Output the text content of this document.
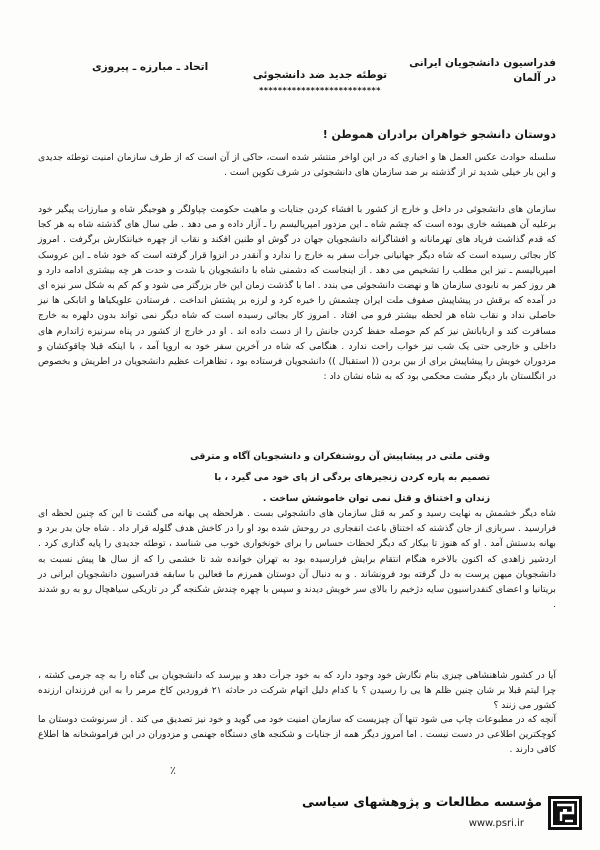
فدراسیون دانشجویان ایرانی
در آلمان
توطئه جدید ضد دانشجوئی
**************************
اتحاد ـ مبارزه ـ پیروزی
دوستان دانشجو خواهران برادران هموطن !

سلسله حوادث عکس العمل ها و اخباری که در این اواخر منتشر شده است، حاکی از آن است که از طرف سازمان امنیت توطئه جدیدی و این بار خیلی شدید تر از گذشته بر ضد سازمان های دانشجوئی در شرف تکوین است .

سازمان های دانشجوئی در داخل و خارج از کشور با افشاء کردن جنایات و ماهیت حکومت چپاولگر و هوجیگر شاه و مبارزات پیگیر خود برعلیه آن همیشه خاری بوده است که چشم شاه ـ این مزدور امپریالیسم را ـ آزار داده و می دهد . طی سال های گذشته شاه به هر کجا که قدم گذاشت فریاد های تهرمانانه و افشاگرانه دانشجویان جهان در گوش او طنین افکند و نقاب از چهره خیانتکارش برگرفت . امروز کار بجائی رسیده است که شاه دیگر جهانیانی جرأت سفر به خارج را ندارد و آنقدر در انزوا قرار گرفته است که خود شاه ـ این عروسک امپریالیسم ـ نیز این مطلب را تشخیص می دهد . از اینجاست که دشمنی شاه با دانشجویان با شدت و حدت هر چه بیشتری ادامه دارد و هر روز کمر به نابودی سازمان ها و نهضت دانشجوئی می بندد . اما با گذشت زمان این خار بزرگتر می شود و کم کم به شکل سر نیزه ای در آمده که برقش در پیشاپیش صفوف ملت ایران چشمش را خیره کرد و لرزه بر پشتش انداخت . فرستادن علویکیاها و اتابکی ها نیز حاصلی نداد و نقاب شاه هر لحظه بیشتر فرو می افتاد . امروز کار بجائی رسیده است که شاه دیگر نمی تواند بدون دلهره به خارج مسافرت کند و اربابانش نیز کم کم حوصله حفظ کردن جانش را از دست داده اند . او در خارج از کشور در پناه سرنیزه ژاندارم های داخلی و خارجی حتی یک شب نیز خواب راحت ندارد . هنگامی که شاه در آخرین سفر خود به اروپا آمد ، با اینکه قبلا چاقوکشان و مزدوران خویش را پیشاپیش برای از بین بردن (( استقبال )) دانشجویان فرستاده بود ، تظاهرات عظیم دانشجویان در اطریش و بخصوص در انگلستان بار دیگر مشت محکمی بود که به شاه نشان داد :

وقتی ملتی در پیشاپیش آن روشنفکران و دانشجویان آگاه و مترقی
تصمیم به پاره کردن زنجیرهای بردگی از پای خود می گیرد ، با
زندان و اختناق و قتل نمی توان خاموشش ساخت .

شاه دیگر خشمش به نهایت رسید و کمر به قتل سازمان های دانشجوئی بست . هرلحظه پی بهانه می گشت تا این که چنین لحظه ای فرارسید . سربازی از جان گذشته که اختناق باعث انفجاری در روحش شده بود او را در کاخش هدف گلوله قرار داد . شاه جان بدر برد و بهانه بدستش آمد . او که هنوز تا بیکار که دیگر لحظات حساس را برای خونخواری خوب می شناسد ، توطئه جدیدی را پایه گذاری کرد . اردشیر زاهدی که اکنون بالاخره هنگام انتقام برایش فرارسیده بود به تهران خوانده شد تا خشمی را که از سال ها پیش نسبت به دانشجویان میهن پرست به دل گرفته بود فرونشاند . و به دنبال آن دوستان همرزم ما فعالین با سابقه فدراسیون دانشجویان ایرانی در بریتانیا و اعضای کنفدراسیون سایه دژخیم را بالای سر خویش دیدند و سپس با چهره چندش شکنجه گر در تاریکی سیاهچال رو به رو شدند .

آیا در کشور شاهنشاهی چیزی بنام نگارش خود وجود دارد که به خود جرأت دهد و بپرسد که دانشجویان بی گناه را به چه جرمی کشته ، چرا لیتم قبلا بر شان چنین ظلم ها یی را رسیدن ؟ با کدام دلیل اتهام شرکت در حادثه ۲۱ فروردین کاخ مرمر را به این فرزندان ارزنده کشور می زنند ؟

آنچه که در مطبوعات چاپ می شود تنها آن چیزیست که سازمان امنیت خود می گوید و خود نیز تصدیق می کند . از سرنوشت دوستان ما کوچکترین اطلاعی در دست نیست . اما امروز دیگر همه از جنایات و شکنجه های دستگاه جهنمی و مزدوران در این فراموشخانه ها اطلاع کافی دارند .

٪
مؤسسه مطالعات و پژوهشهای سیاسی
www.psri.ir
